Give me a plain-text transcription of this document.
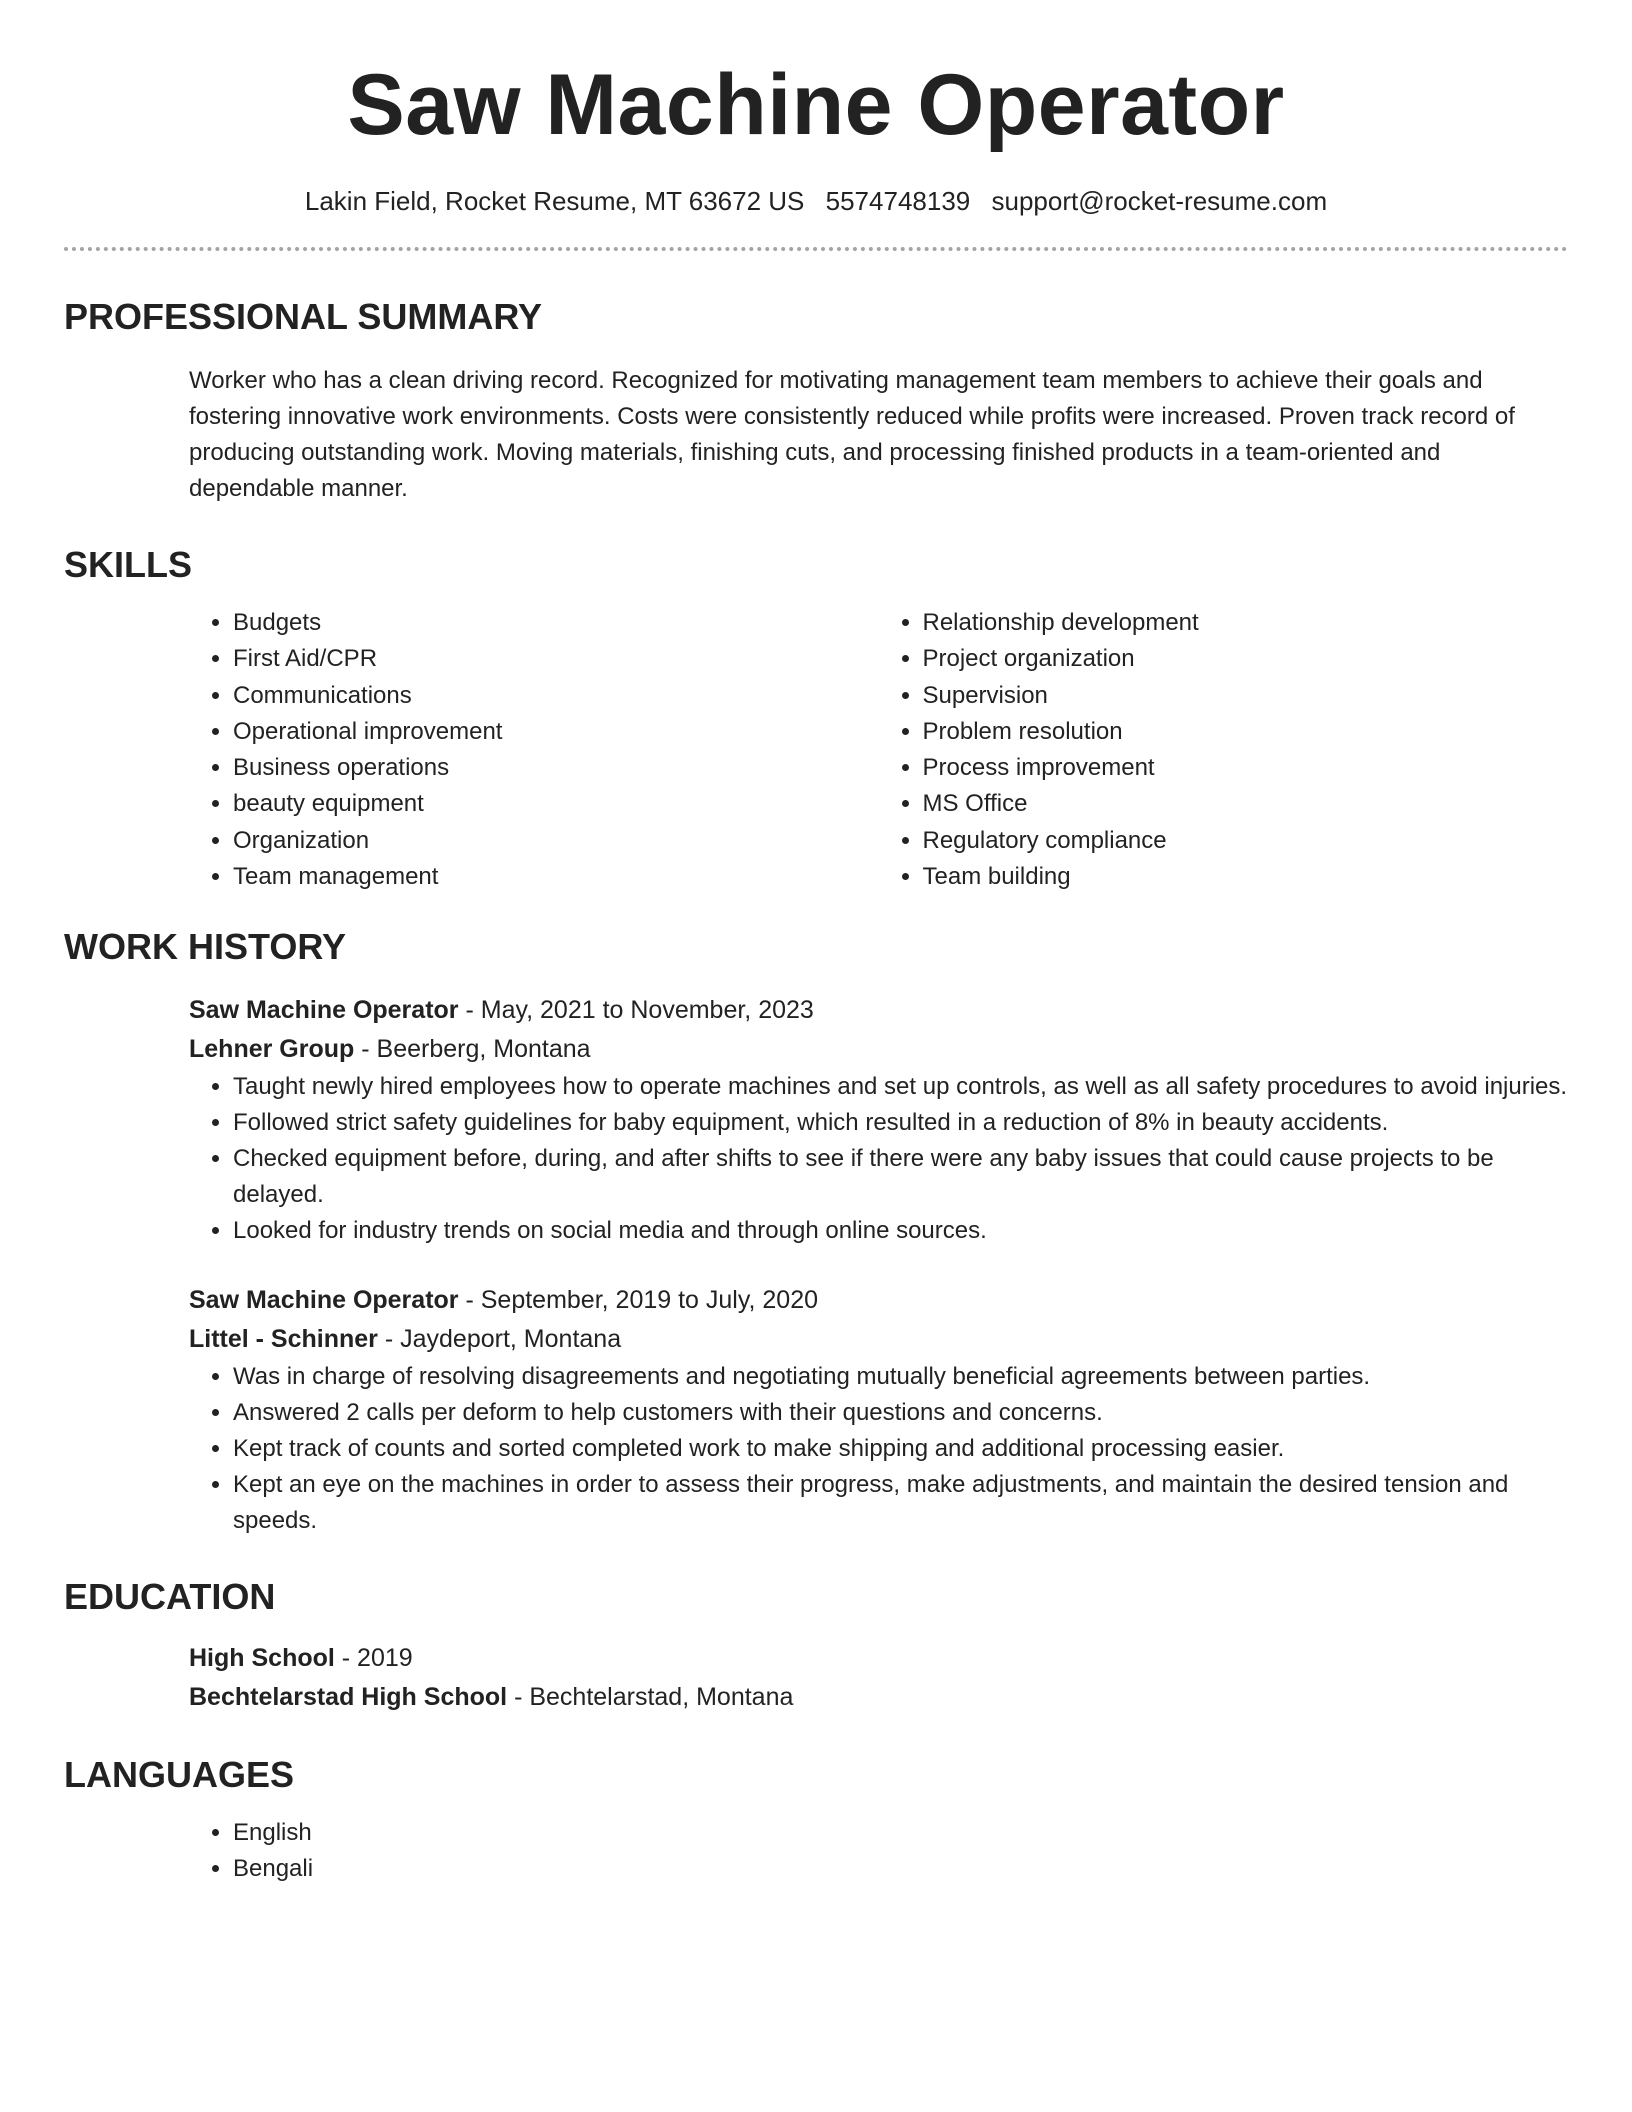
Saw Machine Operator
Lakin Field, Rocket Resume, MT 63672 US 5574748139 support@rocket-resume.com
PROFESSIONAL SUMMARY
Worker who has a clean driving record. Recognized for motivating management team members to achieve their goals and fostering innovative work environments. Costs were consistently reduced while profits were increased. Proven track record of producing outstanding work. Moving materials, finishing cuts, and processing finished products in a team-oriented and dependable manner.
SKILLS
• Budgets
• First Aid/CPR
• Communications
• Operational improvement
• Business operations
• beauty equipment
• Organization
• Team management
• Relationship development
• Project organization
• Supervision
• Problem resolution
• Process improvement
• MS Office
• Regulatory compliance
• Team building
WORK HISTORY
Saw Machine Operator - May, 2021 to November, 2023
Lehner Group - Beerberg, Montana
• Taught newly hired employees how to operate machines and set up controls, as well as all safety procedures to avoid injuries.
• Followed strict safety guidelines for baby equipment, which resulted in a reduction of 8% in beauty accidents.
• Checked equipment before, during, and after shifts to see if there were any baby issues that could cause projects to be delayed.
• Looked for industry trends on social media and through online sources.
Saw Machine Operator - September, 2019 to July, 2020
Littel - Schinner - Jaydeport, Montana
• Was in charge of resolving disagreements and negotiating mutually beneficial agreements between parties.
• Answered 2 calls per deform to help customers with their questions and concerns.
• Kept track of counts and sorted completed work to make shipping and additional processing easier.
• Kept an eye on the machines in order to assess their progress, make adjustments, and maintain the desired tension and speeds.
EDUCATION
High School - 2019
Bechtelarstad High School - Bechtelarstad, Montana
LANGUAGES
• English
• Bengali
